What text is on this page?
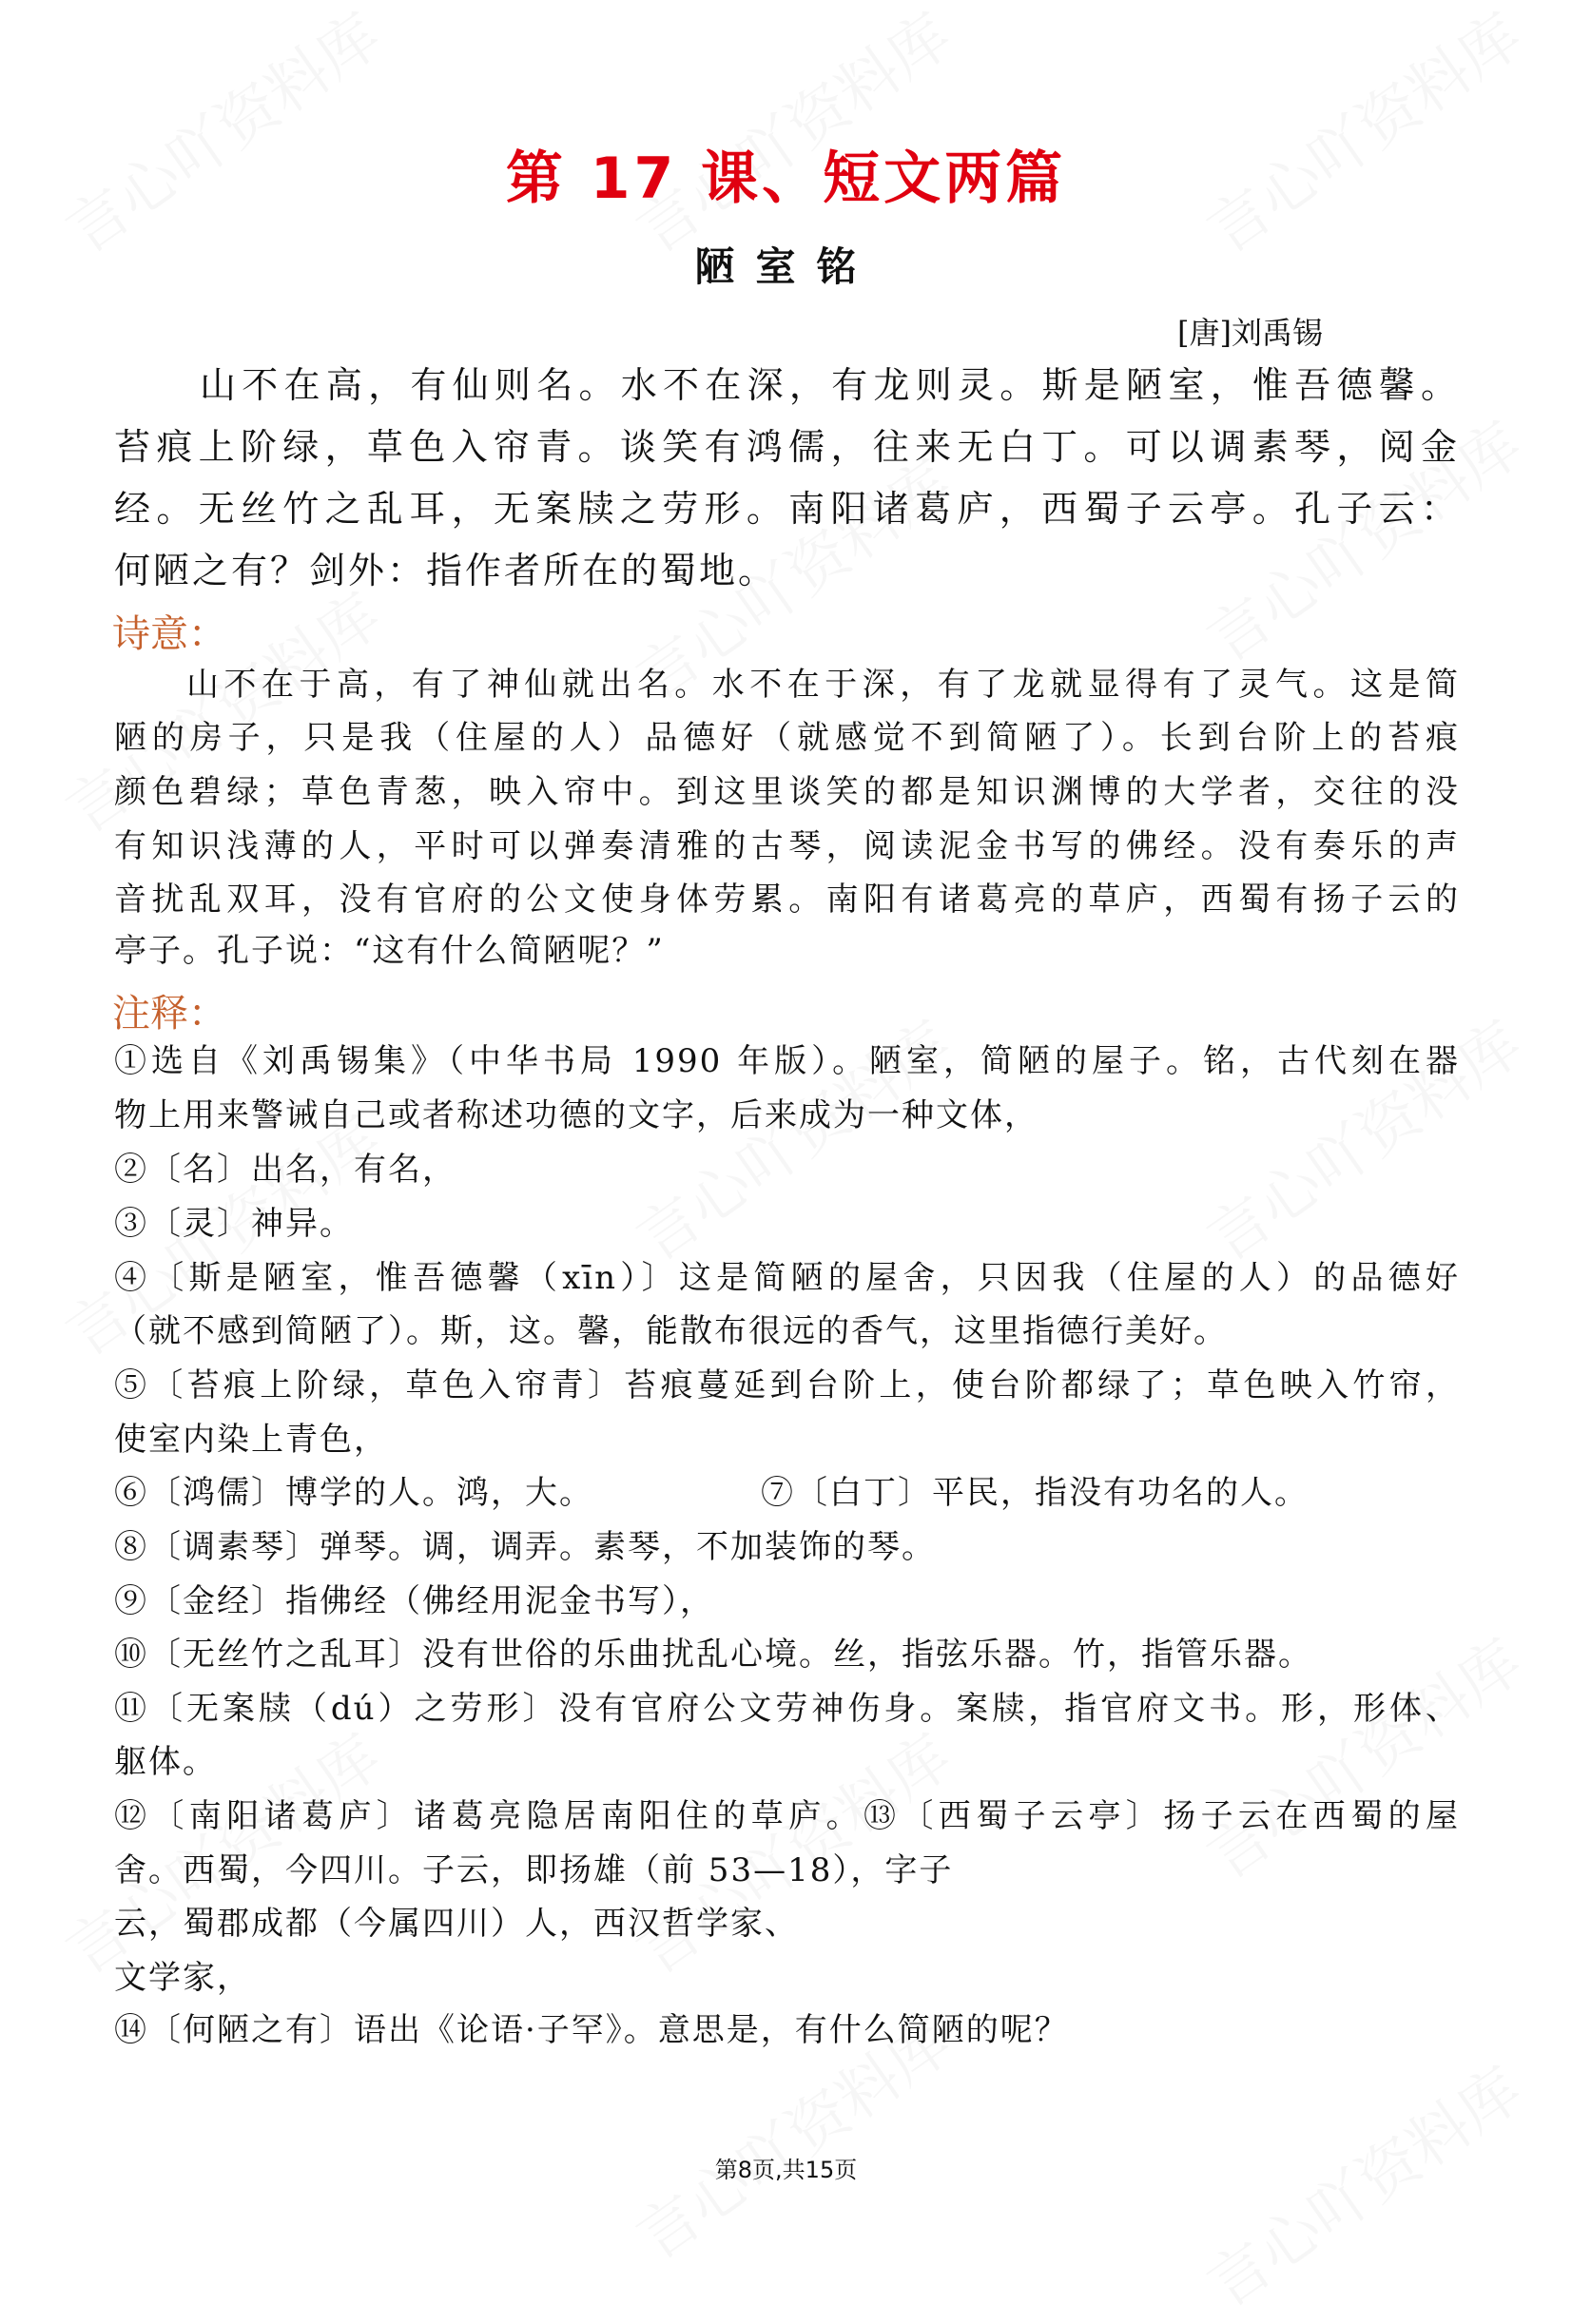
第 17 课、短文两篇
陋室铭
[唐]刘禹锡
山不在高，有仙则名。水不在深，有龙则灵。斯是陋室，惟吾德馨。
苔痕上阶绿，草色入帘青。谈笑有鸿儒，往来无白丁。可以调素琴，阅金
经。无丝竹之乱耳，无案牍之劳形。南阳诸葛庐，西蜀子云亭。孔子云：
何陋之有？剑外：指作者所在的蜀地。
诗意：
山不在于高，有了神仙就出名。水不在于深，有了龙就显得有了灵气。这是简
陋的房子，只是我（住屋的人）品德好（就感觉不到简陋了）。长到台阶上的苔痕
颜色碧绿；草色青葱，映入帘中。到这里谈笑的都是知识渊博的大学者，交往的没
有知识浅薄的人，平时可以弹奏清雅的古琴，阅读泥金书写的佛经。没有奏乐的声
音扰乱双耳，没有官府的公文使身体劳累。南阳有诸葛亮的草庐，西蜀有扬子云的
亭子。孔子说：“这有什么简陋呢？”
注释：
①选自《刘禹锡集》（中华书局 1990 年版）。陋室，简陋的屋子。铭，古代刻在器
物上用来警诫自己或者称述功德的文字，后来成为一种文体，
②〔名〕出名，有名，
③〔灵〕神异。
④〔斯是陋室，惟吾德馨（xīn）〕这是简陋的屋舍，只因我（住屋的人）的品德好
（就不感到简陋了）。斯，这。馨，能散布很远的香气，这里指德行美好。
⑤〔苔痕上阶绿，草色入帘青〕苔痕蔓延到台阶上，使台阶都绿了；草色映入竹帘，
使室内染上青色，
⑥〔鸿儒〕博学的人。鸿，大。	⑦〔白丁〕平民，指没有功名的人。
⑧〔调素琴〕弹琴。调，调弄。素琴，不加装饰的琴。
⑨〔金经〕指佛经（佛经用泥金书写），
⑩〔无丝竹之乱耳〕没有世俗的乐曲扰乱心境。丝，指弦乐器。竹，指管乐器。
⑪〔无案牍（dú）之劳形〕没有官府公文劳神伤身。案牍，指官府文书。形，形体、
躯体。
⑫〔南阳诸葛庐〕诸葛亮隐居南阳住的草庐。⑬〔西蜀子云亭〕扬子云在西蜀的屋
舍。西蜀，今四川。子云，即扬雄（前 53—18），字子
云，蜀郡成都（今属四川）人，西汉哲学家、
文学家，
⑭〔何陋之有〕语出《论语·子罕》。意思是，有什么简陋的呢？
第8页,共15页
